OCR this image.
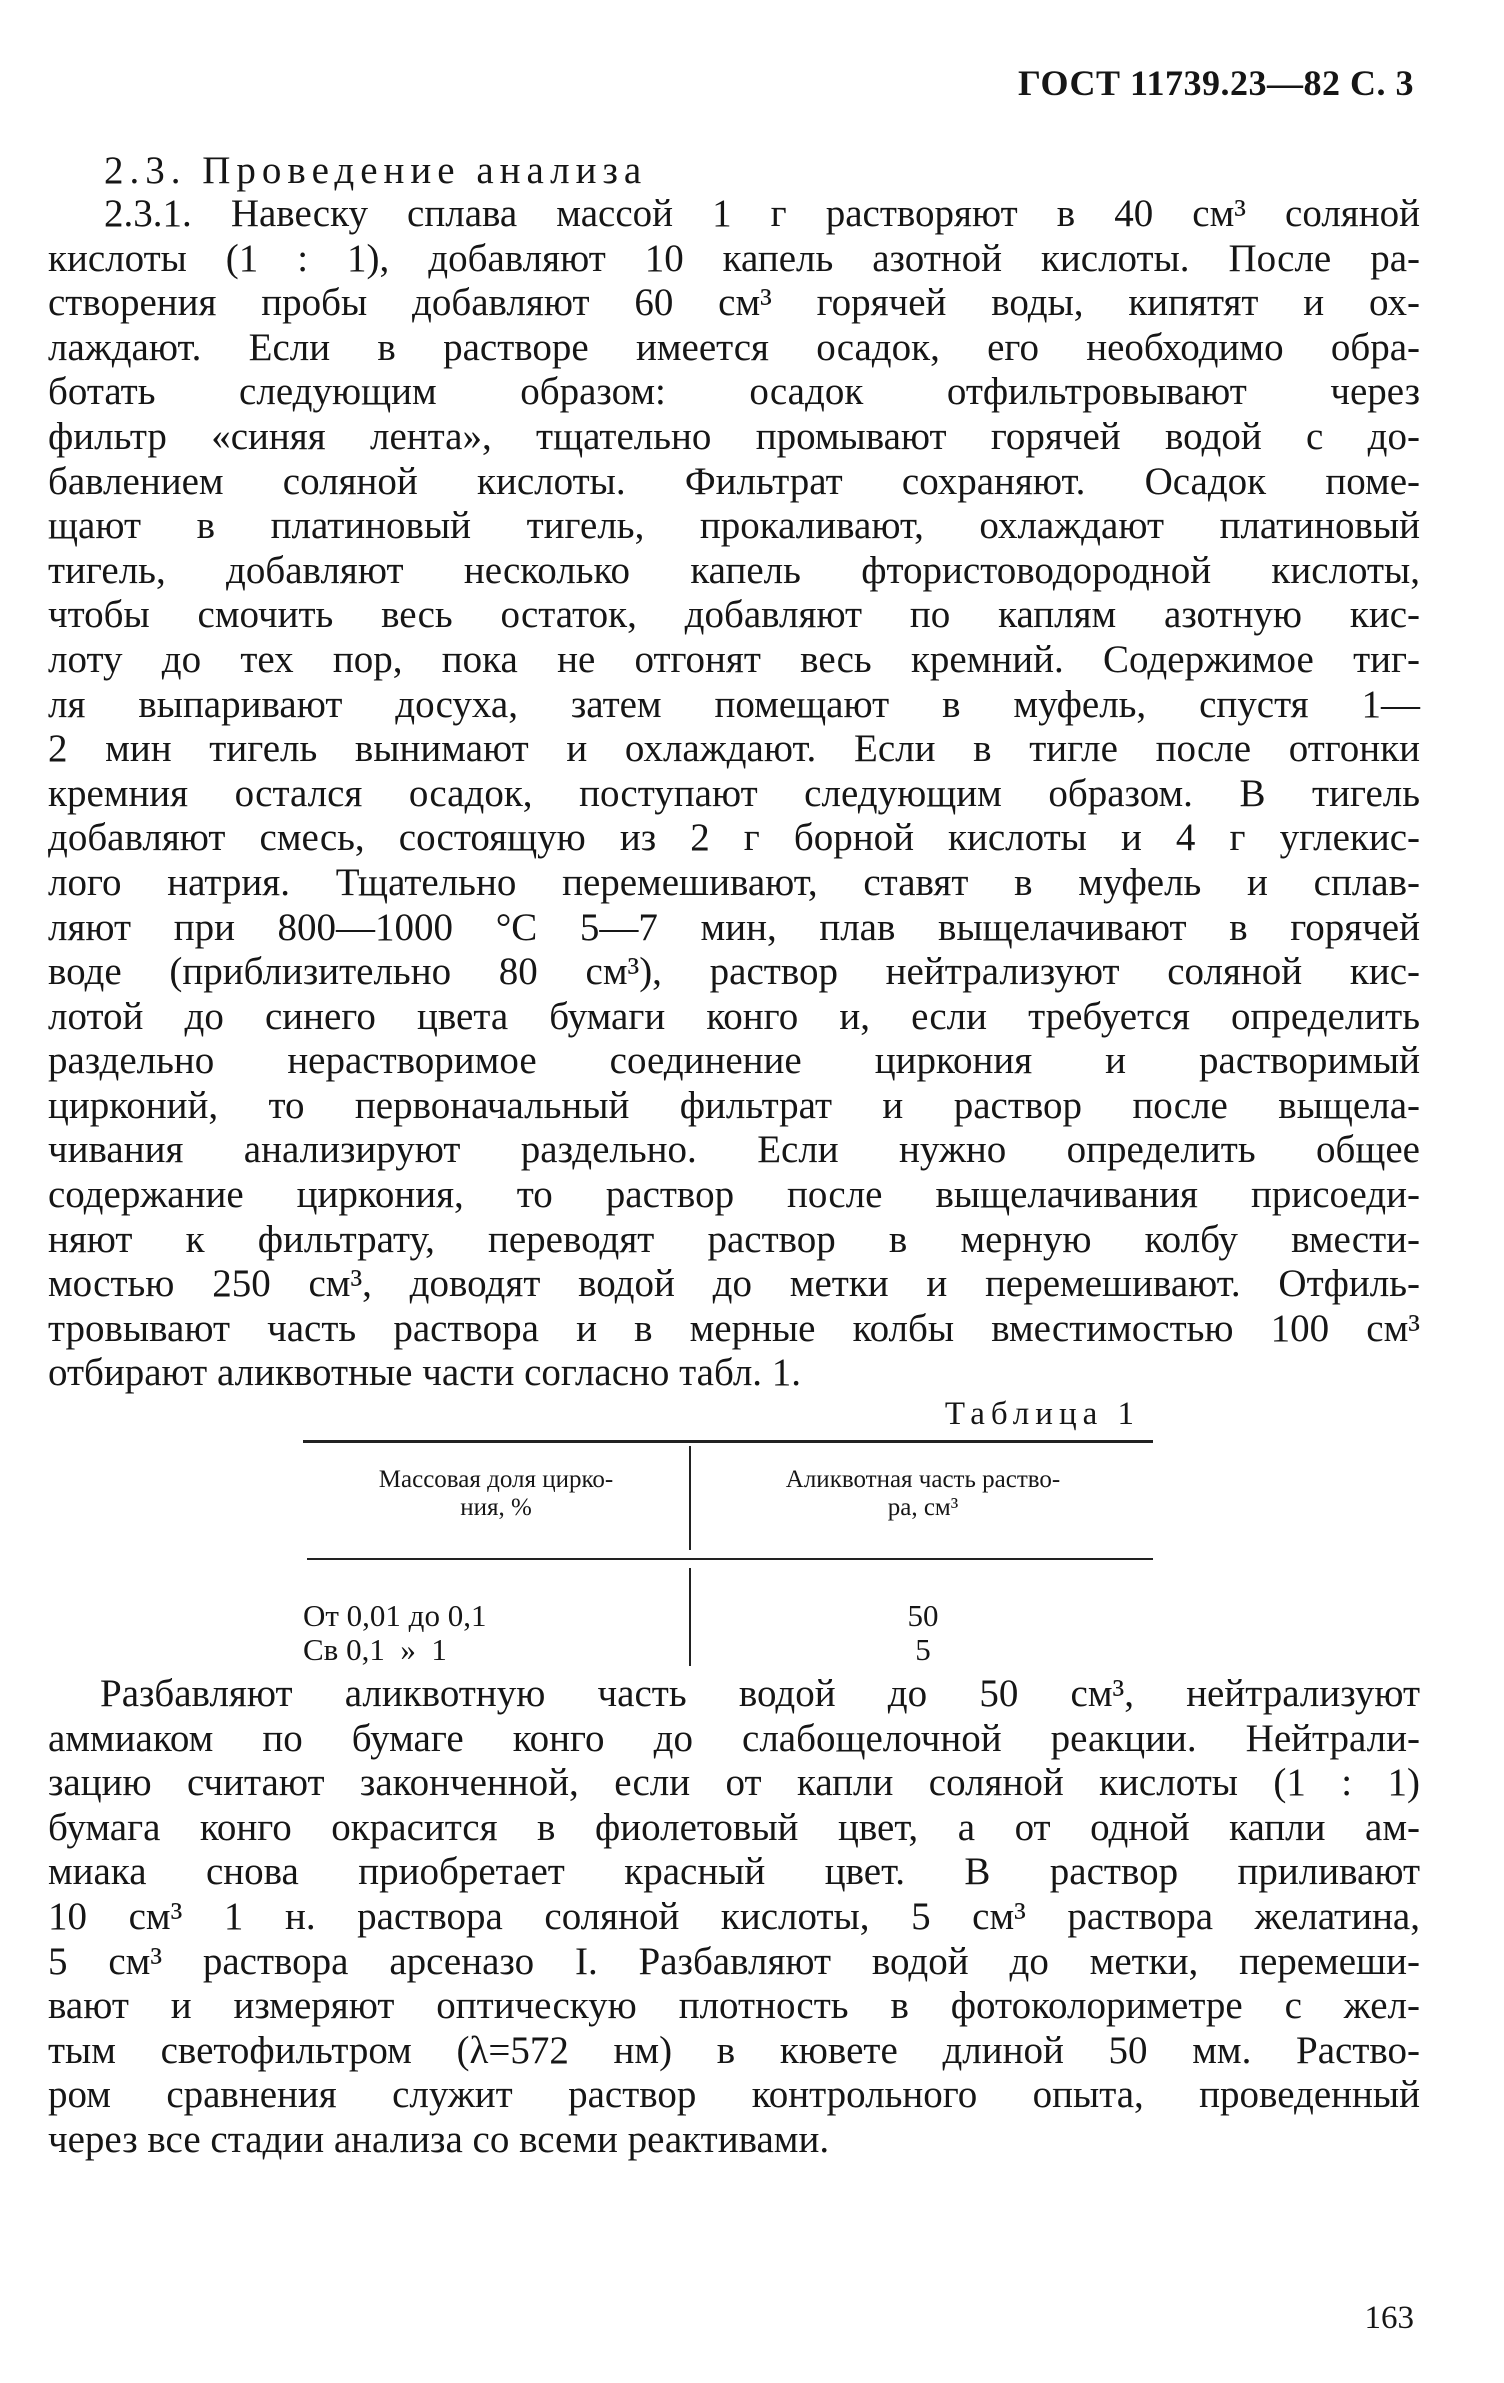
ГОСТ 11739.23—82 С. 3
2.3. Проведение анализа
2.3.1. Навеску сплава массой 1 г растворяют в 40 см³ соляной
кислоты (1 : 1), добавляют 10 капель азотной кислоты. После ра-
створения пробы добавляют 60 см³ горячей воды, кипятят и ох-
лаждают. Если в растворе имеется осадок, его необходимо обра-
ботать следующим образом: осадок отфильтровывают через
фильтр «синяя лента», тщательно промывают горячей водой с до-
бавлением соляной кислоты. Фильтрат сохраняют. Осадок поме-
щают в платиновый тигель, прокаливают, охлаждают платиновый
тигель, добавляют несколько капель фтористоводородной кислоты,
чтобы смочить весь остаток, добавляют по каплям азотную кис-
лоту до тех пор, пока не отгонят весь кремний. Содержимое тиг-
ля выпаривают досуха, затем помещают в муфель, спустя 1—
2 мин тигель вынимают и охлаждают. Если в тигле после отгонки
кремния остался осадок, поступают следующим образом. В тигель
добавляют смесь, состоящую из 2 г борной кислоты и 4 г углекис-
лого натрия. Тщательно перемешивают, ставят в муфель и сплав-
ляют при 800—1000 °C 5—7 мин, плав выщелачивают в горячей
воде (приблизительно 80 см³), раствор нейтрализуют соляной кис-
лотой до синего цвета бумаги конго и, если требуется определить
раздельно нерастворимое соединение циркония и растворимый
цирконий, то первоначальный фильтрат и раствор после выщела-
чивания анализируют раздельно. Если нужно определить общее
содержание циркония, то раствор после выщелачивания присоеди-
няют к фильтрату, переводят раствор в мерную колбу вмести-
мостью 250 см³, доводят водой до метки и перемешивают. Отфиль-
тровывают часть раствора и в мерные колбы вместимостью 100 см³
отбирают аликвотные части согласно табл. 1.
Таблица 1
Массовая доля цирко-
ния, %
Аликвотная часть раство-
ра, см³
От 0,01 до 0,1	50
Св 0,1  »  1	5
Разбавляют аликвотную часть водой до 50 см³, нейтрализуют
аммиаком по бумаге конго до слабощелочной реакции. Нейтрали-
зацию считают законченной, если от капли соляной кислоты (1 : 1)
бумага конго окрасится в фиолетовый цвет, а от одной капли ам-
миака снова приобретает красный цвет. В раствор приливают
10 см³ 1 н. раствора соляной кислоты, 5 см³ раствора желатина,
5 см³ раствора арсеназо I. Разбавляют водой до метки, перемеши-
вают и измеряют оптическую плотность в фотоколориметре с жел-
тым светофильтром (λ=572 нм) в кювете длиной 50 мм. Раство-
ром сравнения служит раствор контрольного опыта, проведенный
через все стадии анализа со всеми реактивами.
163
